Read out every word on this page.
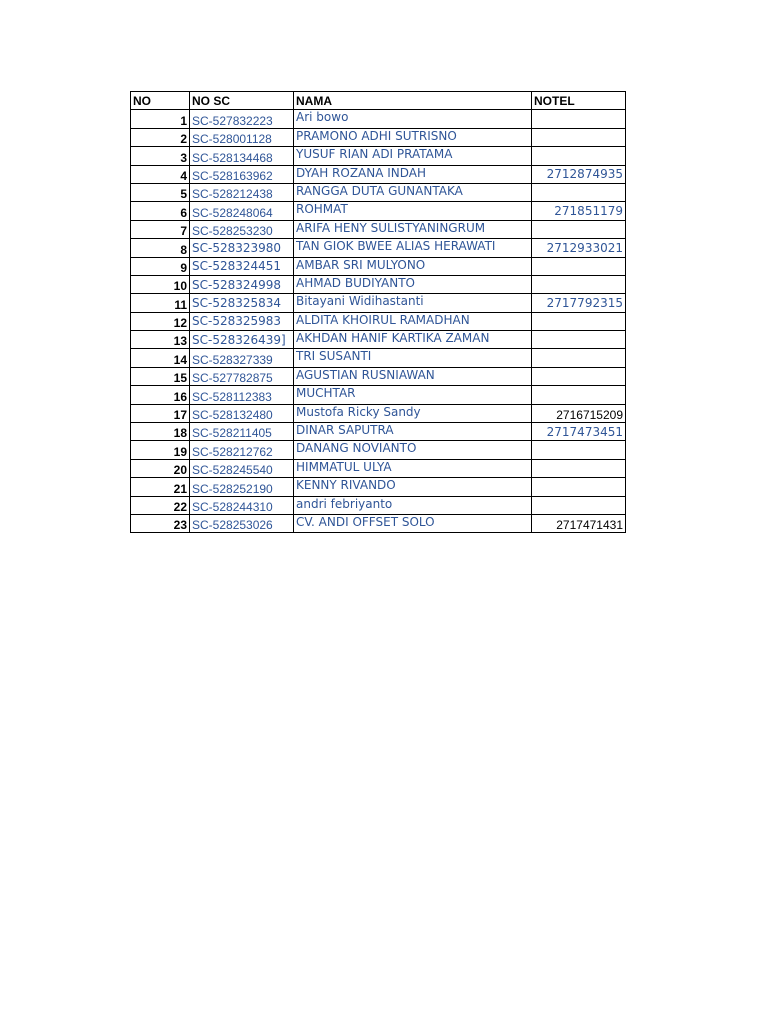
NO	NO SC	NAMA	NOTEL
1	SC-527832223	Ari bowo	
2	SC-528001128	PRAMONO ADHI SUTRISNO	
3	SC-528134468	YUSUF RIAN ADI PRATAMA	
4	SC-528163962	DYAH ROZANA INDAH	2712874935
5	SC-528212438	RANGGA DUTA GUNANTAKA	
6	SC-528248064	ROHMAT	271851179
7	SC-528253230	ARIFA HENY SULISTYANINGRUM	
8	SC-528323980	TAN GIOK BWEE ALIAS HERAWATI	2712933021
9	SC-528324451	AMBAR SRI MULYONO	
10	SC-528324998	AHMAD BUDIYANTO	
11	SC-528325834	Bitayani Widihastanti	2717792315
12	SC-528325983	ALDITA KHOIRUL RAMADHAN	
13	SC-528326439]	AKHDAN HANIF KARTIKA ZAMAN	
14	SC-528327339	TRI SUSANTI	
15	SC-527782875	AGUSTIAN RUSNIAWAN	
16	SC-528112383	MUCHTAR	
17	SC-528132480	Mustofa Ricky Sandy	2716715209
18	SC-528211405	DINAR SAPUTRA	2717473451
19	SC-528212762	DANANG NOVIANTO	
20	SC-528245540	HIMMATUL ULYA	
21	SC-528252190	KENNY RIVANDO	
22	SC-528244310	andri febriyanto	
23	SC-528253026	CV. ANDI OFFSET SOLO	2717471431
